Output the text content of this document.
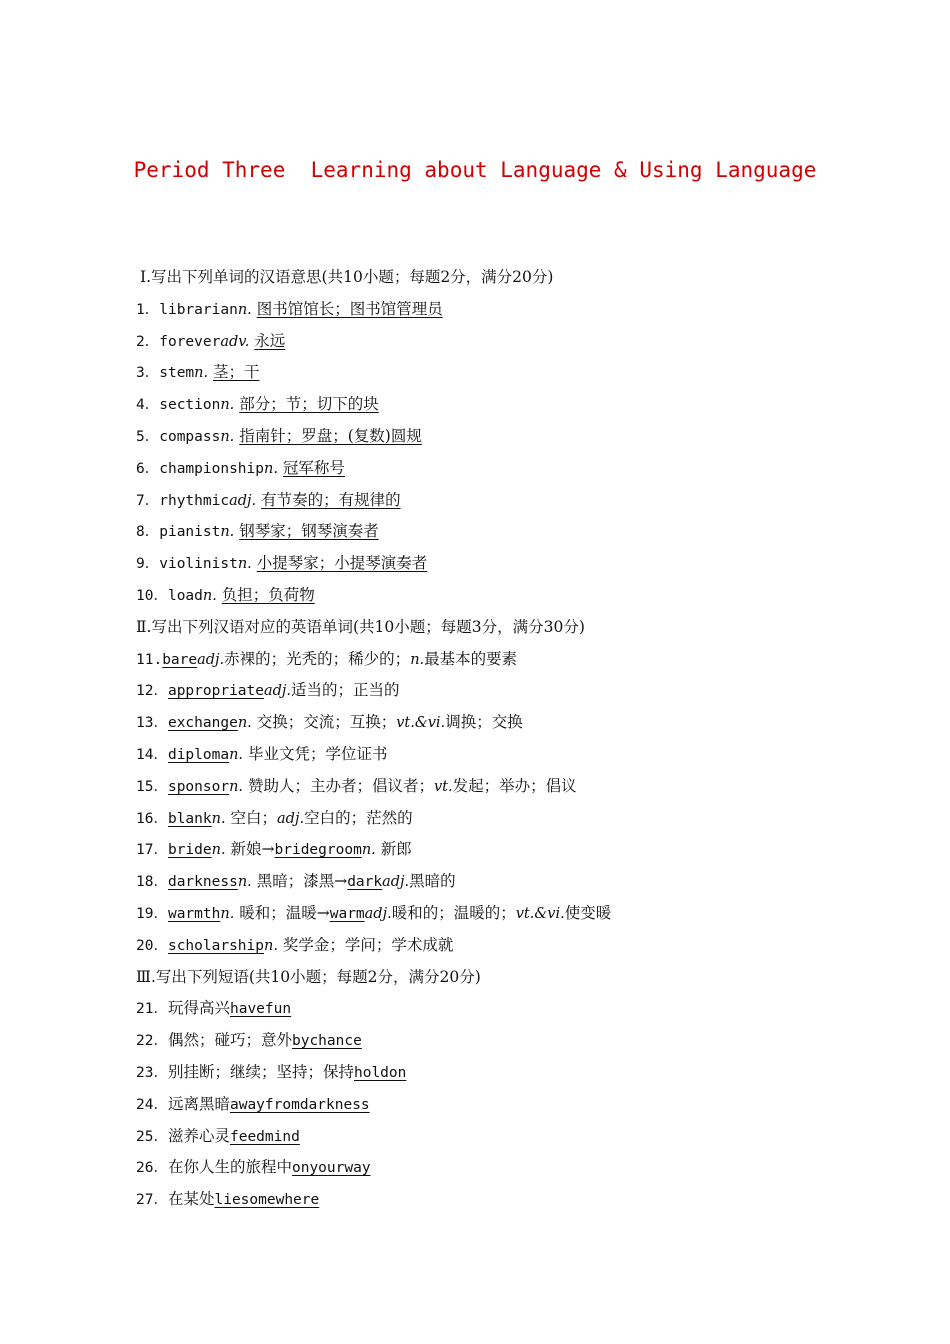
Period Three  Learning about Language & Using Language
Ⅰ.写出下列单词的汉语意思(共10小题；每题2分，满分20分)
1．librariann. 图书馆馆长；图书馆管理员
2．foreveradv. 永远
3．stemn. 茎；干
4．sectionn. 部分；节；切下的块
5．compassn. 指南针；罗盘；(复数)圆规
6．championshipn. 冠军称号
7．rhythmicadj. 有节奏的；有规律的
8．pianistn. 钢琴家；钢琴演奏者
9．violinistn. 小提琴家；小提琴演奏者
10．loadn. 负担；负荷物
Ⅱ.写出下列汉语对应的英语单词(共10小题；每题3分，满分30分)
11.bareadj.赤裸的；光秃的；稀少的；n.最基本的要素
12．appropriateadj.适当的；正当的
13．exchangen. 交换；交流；互换；vt.&vi.调换；交换
14．diploman. 毕业文凭；学位证书
15．sponsorn. 赞助人；主办者；倡议者；vt.发起；举办；倡议
16．blankn. 空白；adj.空白的；茫然的
17．briden. 新娘→bridegroomn. 新郎
18．darknessn. 黑暗；漆黑→darkadj.黑暗的
19．warmthn. 暖和；温暖→warmadj.暖和的；温暖的；vt.&vi.使变暖
20．scholarshipn. 奖学金；学问；学术成就
Ⅲ.写出下列短语(共10小题；每题2分，满分20分)
21．玩得高兴havefun
22．偶然；碰巧；意外bychance
23．别挂断；继续；坚持；保持holdon
24．远离黑暗awayfromdarkness
25．滋养心灵feedmind
26．在你人生的旅程中onyourway
27．在某处liesomewhere
